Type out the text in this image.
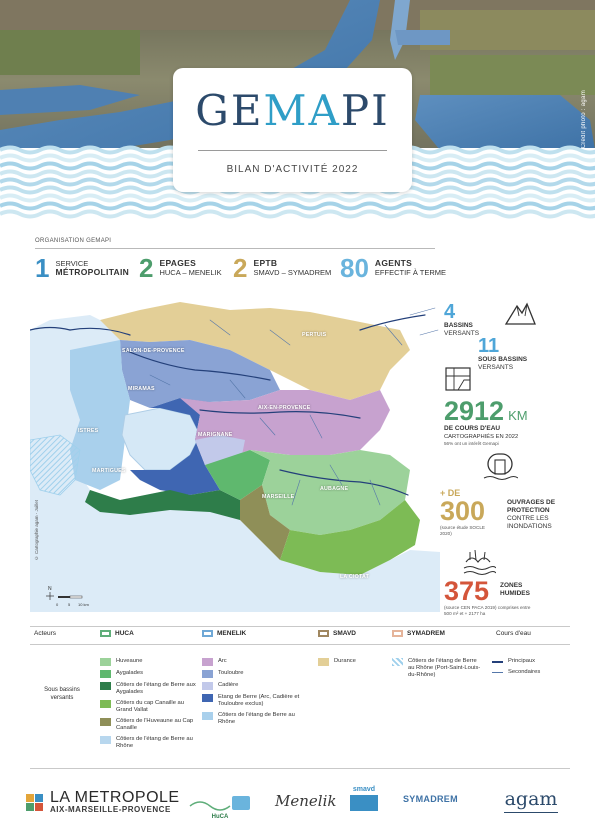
Crédit photo : agam
GEMAPI
BILAN D'ACTIVITÉ 2022
ORGANISATION GEMAPI
1 SERVICE
MÉTROPOLITAIN 2 EPAGES
HUCA – MENELIK 2 EPTB
SMAVD – SYMADREM 80 AGENTS
EFFECTIF À TERME
SALON-DE-PROVENCE
PERTUIS
MIRAMAS
AIX-EN-PROVENCE
ISTRES
MARTIGUES
MARIGNANE
MARSEILLE
AUBAGNE
LA CIOTAT
© Cartographie agam - Juillet
N
0 5 10 km
4
BASSINS
VERSANTS
11
SOUS BASSINS
VERSANTS
2912 KM
DE COURS D'EAU
CARTOGRAPHIÉS EN 2022
56% ont un intérêt Gemapi
+ DE
300
(source étude SOCLE
2020)
OUVRAGES DE
PROTECTION
CONTRE LES
INONDATIONS
375
(source CEN PACA 2019) comprises entre
500 m² et + 2177 ha
ZONES
HUMIDES
Acteurs
Sous bassins versants
HUCA
Huveaune
Aygalades
Côtiers de l'étang de Berre aux Aygalades
Côtiers du cap Canaille au Grand Vallat
Côtiers de l'Huveaune au Cap Canaille
Côtiers de l'étang de Berre au Rhône
MENELIK
Arc
Touloubre
Cadière
Etang de Berre (Arc, Cadière et Touloubre exclus)
Côtiers de l'étang de Berre au Rhône
SMAVD
Durance
SYMADREM
Côtiers de l'étang de Berre au Rhône (Port-Saint-Louis-du-Rhône)
Cours d'eau
Principaux
Secondaires
LA METROPOLE
AIX-MARSEILLE-PROVENCE
HuCA
Menelik
smavd
SYMADREM agam
